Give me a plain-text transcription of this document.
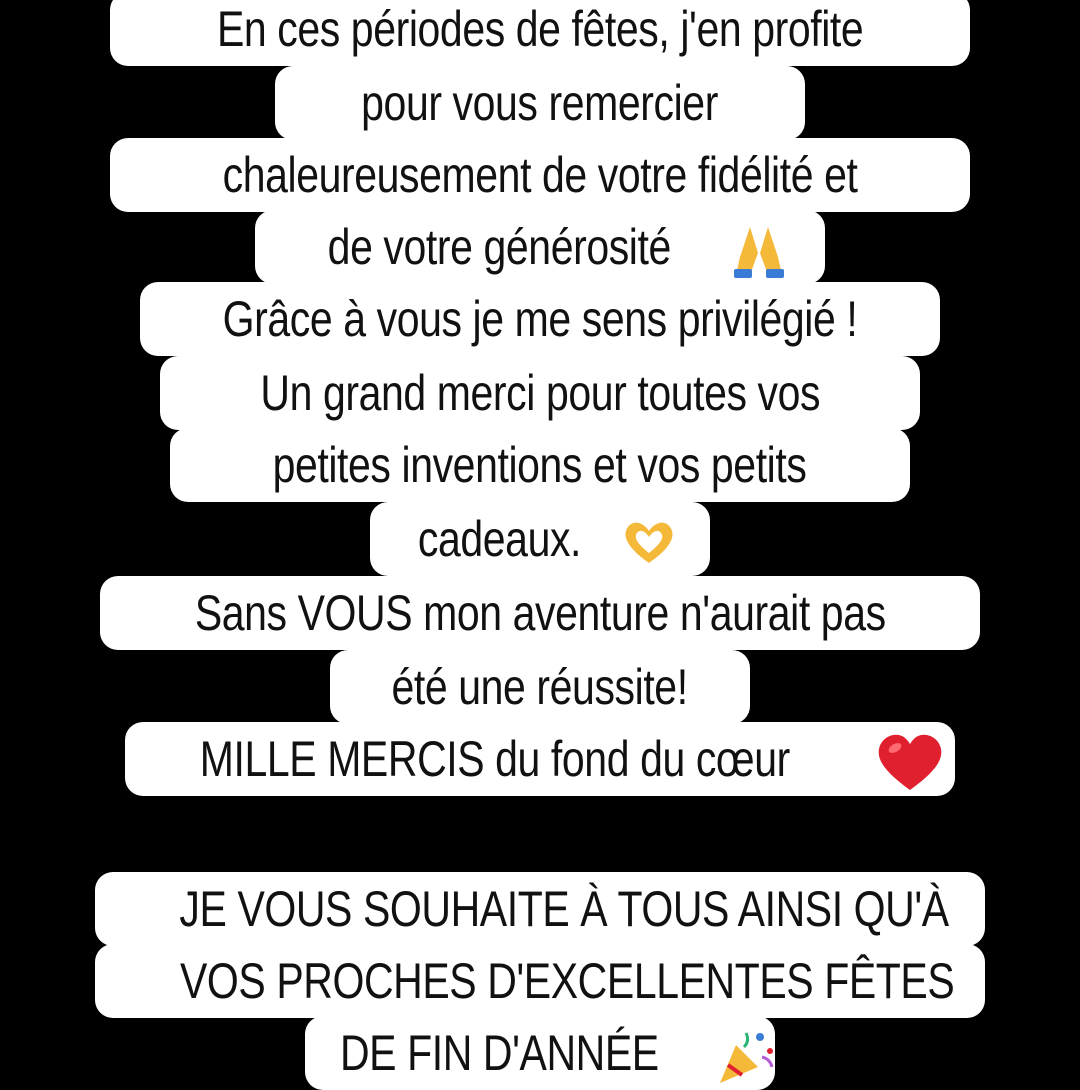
En ces périodes de fêtes, j'en profite
pour vous remercier
chaleureusement de votre fidélité et
de votre générosité
Grâce à vous je me sens privilégié !
Un grand merci pour toutes vos
petites inventions et vos petits
cadeaux.
Sans VOUS mon aventure n'aurait pas
été une réussite!
MILLE MERCIS du fond du cœur
JE VOUS SOUHAITE À TOUS AINSI QU'À
VOS PROCHES D'EXCELLENTES FÊTES
DE FIN D'ANNÉE
